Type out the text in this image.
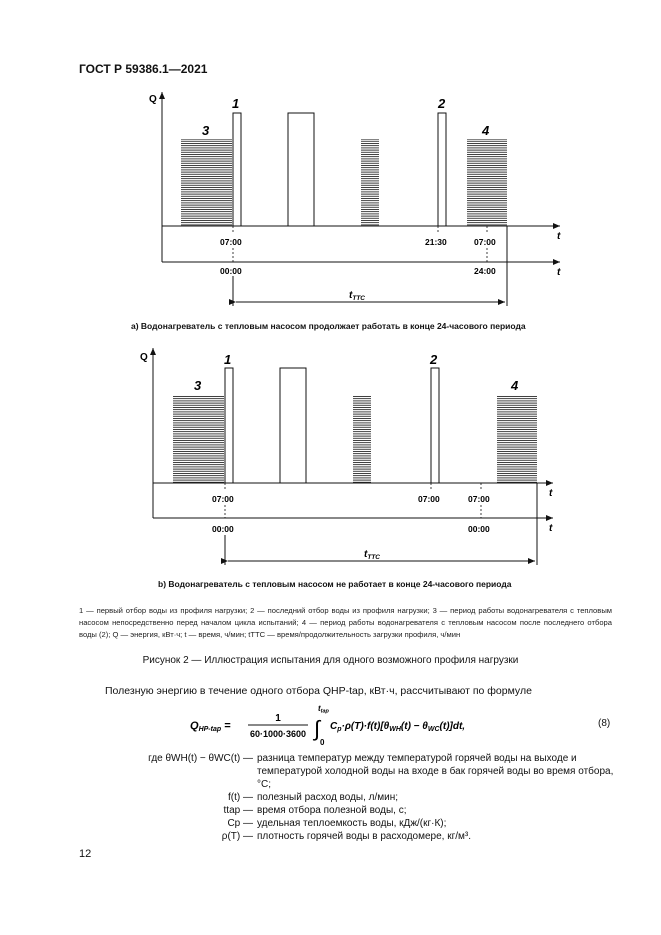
ГОСТ Р 59386.1—2021
Q
3
1	2
4
t
07:00	21:30	07:00
t
00:00	24:00
$t_{TTC}$
Q
3
1	2
4
t
07:00	07:00	07:00
t
00:00	00:00
$t_{TTC}$
a) Водонагреватель с тепловым насосом продолжает работать в конце 24-часового периода
b) Водонагреватель с тепловым насосом не работает в конце 24-часового периода
1 — первый отбор воды из профиля нагрузки; 2 — последний отбор воды из профиля нагрузки; 3 — период работы водонагревателя с тепловым насосом непосредственно перед началом цикла испытаний; 4 — период работы водонагревателя с тепловым насосом после последнего отбора воды (2); Q — энергия, кВт·ч; t — время, ч/мин; tTTC — время/продолжительность загрузки профиля, ч/мин
Рисунок 2 — Иллюстрация испытания для одного возможного профиля нагрузки
Полезную энергию в течение одного отбора QHP-tap, кВт·ч, рассчитывают по формуле
QHP-tap =
1
60·1000·3600 ∫
ttap
0
$C_p\cdot\rho(T)\cdot f(t)[\theta_{WH}(t) - \theta_{WC}(t)]dt$,	(8)
где θWH(t) − θWC(t) — разница температур между температурой горячей воды на выходе и температурой холодной воды на входе в бак горячей воды во время отбора, °C;
f(t) — полезный расход воды, л/мин;
ttap — время отбора полезной воды, с;
Cp — удельная теплоемкость воды, кДж/(кг·К);
ρ(T) — плотность горячей воды в расходомере, кг/м³.
12
